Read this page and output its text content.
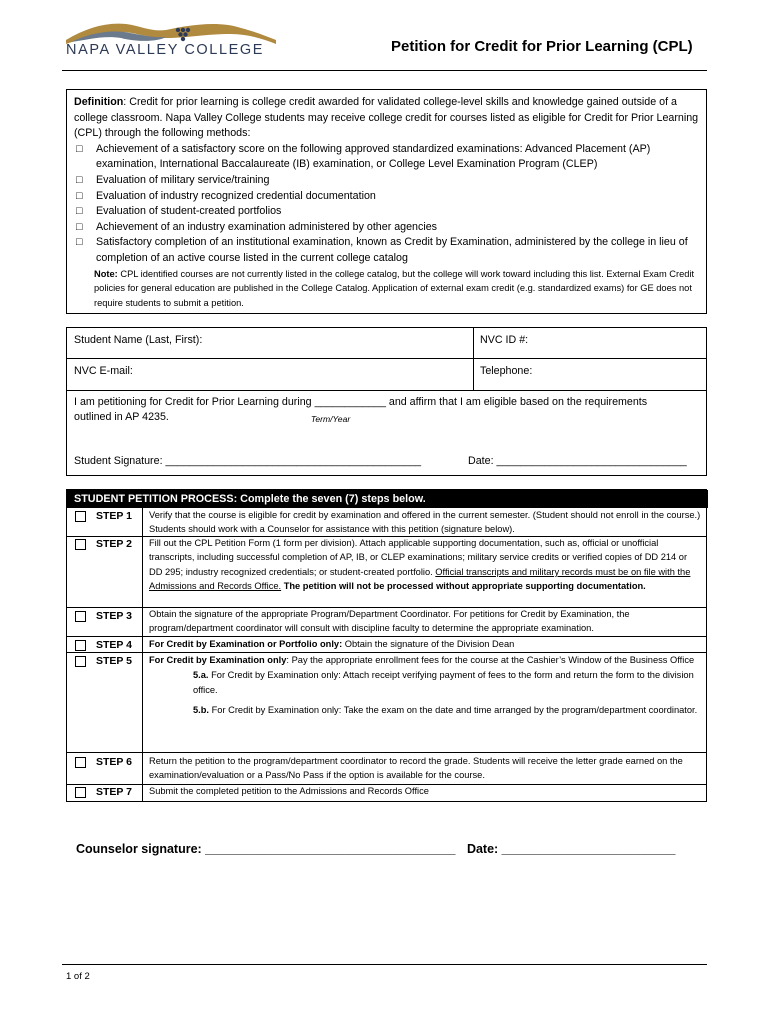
NAPA VALLEY COLLEGE	Petition for Credit for Prior Learning (CPL)

Definition: Credit for prior learning is college credit awarded for validated college-level skills and knowledge gained outside of a college classroom. Napa Valley College students may receive college credit for courses listed as eligible for Credit for Prior Learning (CPL) through the following methods:

□	Achievement of a satisfactory score on the following approved standardized examinations: Advanced Placement (AP) examination, International Baccalaureate (IB) examination, or College Level Examination Program (CLEP)
□	Evaluation of military service/training
□	Evaluation of industry recognized credential documentation
□	Evaluation of student-created portfolios
□	Achievement of an industry examination administered by other agencies
□	Satisfactory completion of an institutional examination, known as Credit by Examination, administered by the college in lieu of completion of an active course listed in the current college catalog

Note: CPL identified courses are not currently listed in the college catalog, but the college will work toward including this list. External Exam Credit policies for general education are published in the College Catalog. Application of external exam credit (e.g. standardized exams) for GE does not require students to submit a petition.

Student Name (Last, First):	NVC ID #:
NVC E-mail:	Telephone:
I am petitioning for Credit for Prior Learning during ____________ and affirm that I am eligible based on the requirements
outlined in AP 4235.	Term/Year
Student Signature: ___________________________________________	Date: ________________________________
STUDENT PETITION PROCESS: Complete the seven (7) steps below.
STEP 1 Verify that the course is eligible for credit by examination and offered in the current semester. (Student should not enroll in the course.) Students should work with a Counselor for assistance with this petition (signature below).
STEP 2 Fill out the CPL Petition Form (1 form per division). Attach applicable supporting documentation, such as, official or unofficial transcripts, including successful completion of AP, IB, or CLEP examinations; military service credits or verified copies of DD 214 or DD 295; industry recognized credentials; or student-created portfolio. Official transcripts and military records must be on file with the Admissions and Records Office. The petition will not be processed without appropriate supporting documentation.
STEP 3 Obtain the signature of the appropriate Program/Department Coordinator. For petitions for Credit by Examination, the program/department coordinator will consult with discipline faculty to determine the appropriate examination.
STEP 4 For Credit by Examination or Portfolio only: Obtain the signature of the Division Dean
STEP 5 For Credit by Examination only: Pay the appropriate enrollment fees for the course at the Cashier’s Window of the Business Office
5.a. For Credit by Examination only: Attach receipt verifying payment of fees to the form and return the form to the division office.
5.b. For Credit by Examination only: Take the exam on the date and time arranged by the program/department coordinator.
STEP 6 Return the petition to the program/department coordinator to record the grade. Students will receive the letter grade earned on the examination/evaluation or a Pass/No Pass if the option is available for the course.
STEP 7 Submit the completed petition to the Admissions and Records Office
Counselor signature: ____________________________________ Date: _________________________
1 of 2
